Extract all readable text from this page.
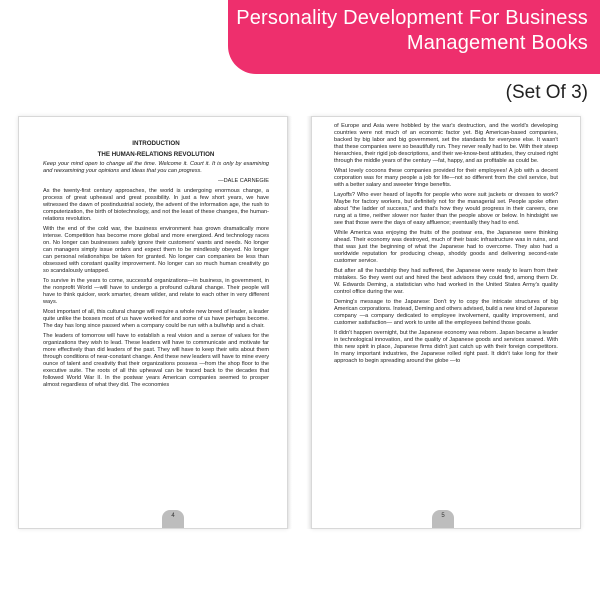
Personality Development For Business
Management Books
(Set Of 3)
INTRODUCTION
THE HUMAN-RELATIONS REVOLUTION

Keep your mind open to change all the time. Welcome it. Court it. It is only by examining and reexamining your opinions and ideas that you can progress.

—DALE CARNEGIE

As the twenty-first century approaches, the world is undergoing enormous change, a process of great upheaval and great possibility. In just a few short years, we have witnessed the dawn of postindustrial society, the advent of the information age, the rush to computerization, the birth of biotechnology, and not the least of these changes, the human-relations revolution.

With the end of the cold war, the business environment has grown dramatically more intense. Competition has become more global and more energized. And technology races on. No longer can businesses safely ignore their customers' wants and needs. No longer can managers simply issue orders and expect them to be mindlessly obeyed. No longer can personal relationships be taken for granted. No longer can companies be less than obsessed with constant quality improvement. No longer can so much human creativity go so scandalously untapped.

To survive in the years to come, successful organizations—in business, in government, in the nonprofit World —will have to undergo a profound cultural change. Their people will have to think quicker, work smarter, dream wilder, and relate to each other in very different ways.

Most important of all, this cultural change will require a whole new breed of leader, a leader quite unlike the bosses most of us have worked for and some of us have perhaps become. The day has long since passed when a company could be run with a bullwhip and a chair.

The leaders of tomorrow will have to establish a real vision and a sense of values for the organizations they wish to lead. These leaders will have to communicate and motivate far more effectively than did leaders of the past. They will have to keep their wits about them through conditions of near-constant change. And these new leaders will have to mine every ounce of talent and creativity that their organizations possess —from the shop floor to the executive suite. The roots of all this upheaval can be traced back to the decades that followed World War II. In the postwar years American companies seemed to prosper almost regardless of what they did. The economies

4

of Europe and Asia were hobbled by the war's destruction, and the world's developing countries were not much of an economic factor yet. Big American-based companies, backed by big labor and big government, set the standards for everyone else. It wasn't that these companies were so beautifully run. They never really had to be. With their steep hierarchies, their rigid job descriptions, and their we-know-best attitudes, they cruised right through the middle years of the century —fat, happy, and as profitable as could be.

What lovely cocoons these companies provided for their employees! A job with a decent corporation was for many people a job for life—not so different from the civil service, but with a better salary and sweeter fringe benefits.

Layoffs? Who ever heard of layoffs for people who wore suit jackets or dresses to work? Maybe for factory workers, but definitely not for the managerial set. People spoke often about "the ladder of success," and that's how they would progress in their careers, one rung at a time, neither slower nor faster than the people above or below. In hindsight we see that those were the days of easy affluence; eventually they had to end.

While America was enjoying the fruits of the postwar era, the Japanese were thinking ahead. Their economy was destroyed, much of their basic infrastructure was in ruins, and that was just the beginning of what the Japanese had to overcome. They also had a worldwide reputation for producing cheap, shoddy goods and delivering second-rate customer service.

But after all the hardship they had suffered, the Japanese were ready to learn from their mistakes. So they went out and hired the best advisors they could find, among them Dr. W. Edwards Deming, a statistician who had worked in the United States Army's quality control office during the war.

Deming's message to the Japanese: Don't try to copy the intricate structures of big American corporations. Instead, Deming and others advised, build a new kind of Japanese company —a company dedicated to employee involvement, quality improvement, and customer satisfaction— and work to unite all the employees behind those goals.

It didn't happen overnight, but the Japanese economy was reborn. Japan became a leader in technological innovation, and the quality of Japanese goods and services soared. With this new spirit in place, Japanese firms didn't just catch up with their foreign competitors. In many important industries, the Japanese rolled right past. It didn't take long for their approach to begin spreading around the globe —to

5
